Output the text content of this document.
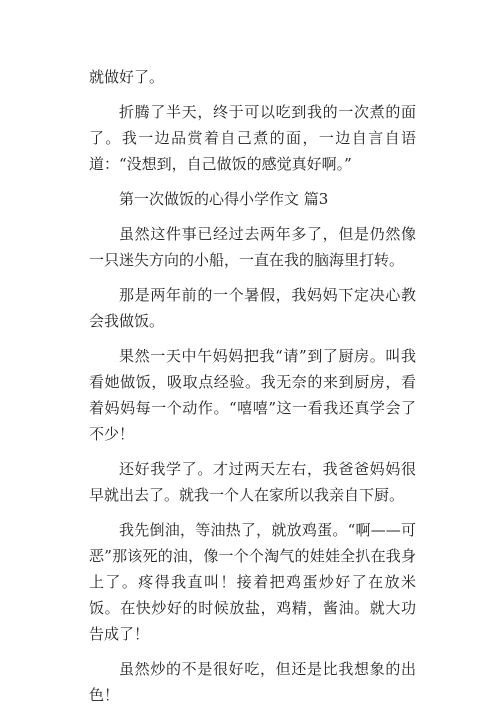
就做好了。

折腾了半天，终于可以吃到我的一次煮的面了。我一边品赏着自己煮的面，一边自言自语道：“没想到，自己做饭的感觉真好啊。”

第一次做饭的心得小学作文 篇3

虽然这件事已经过去两年多了，但是仍然像一只迷失方向的小船，一直在我的脑海里打转。

那是两年前的一个暑假，我妈妈下定决心教会我做饭。

果然一天中午妈妈把我“请”到了厨房。叫我看她做饭，吸取点经验。我无奈的来到厨房，看着妈妈每一个动作。“嘻嘻”这一看我还真学会了不少！

还好我学了。才过两天左右，我爸爸妈妈很早就出去了。就我一个人在家所以我亲自下厨。

我先倒油，等油热了，就放鸡蛋。“啊——可恶”那该死的油，像一个个淘气的娃娃全扒在我身上了。疼得我直叫！接着把鸡蛋炒好了在放米饭。在快炒好的时候放盐，鸡精，酱油。就大功告成了！

虽然炒的不是很好吃，但还是比我想象的出色！
